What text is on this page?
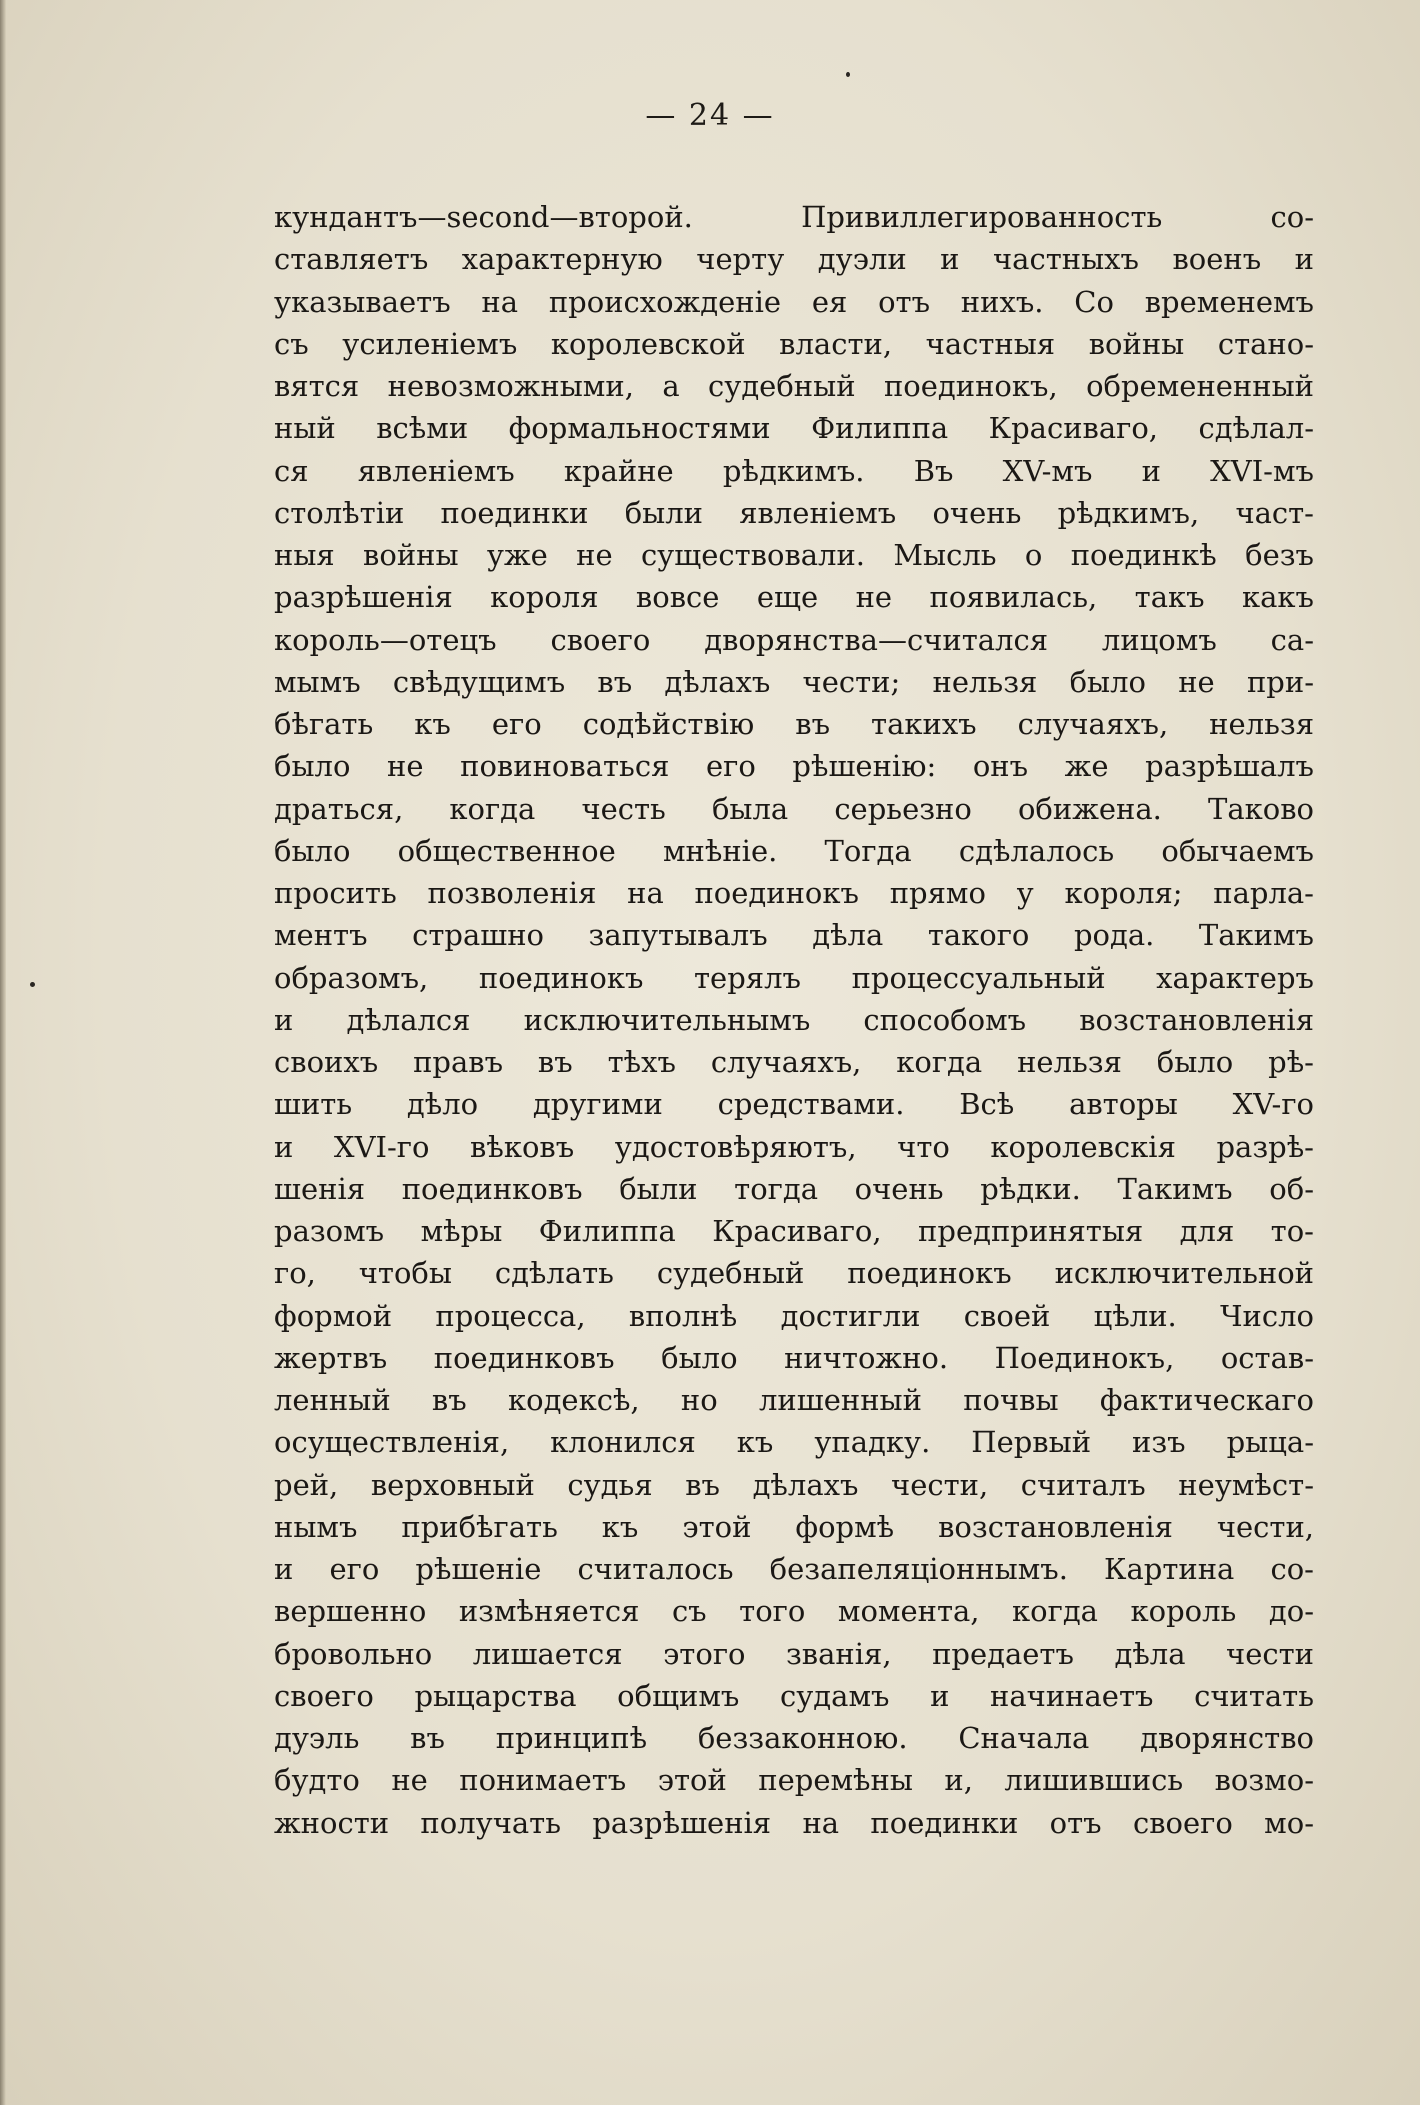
— 24 —
кундантъ—second—второй. Привиллегированность со-
ставляетъ характерную черту дуэли и частныхъ военъ и
указываетъ на происхожденіе ея отъ нихъ. Со временемъ
съ усиленіемъ королевской власти, частныя войны стано-
вятся невозможными, а судебный поединокъ, обремененный
ный всѣми формальностями Филиппа Красиваго, сдѣлал-
ся явленіемъ крайне рѣдкимъ. Въ XV-мъ и XVI-мъ
столѣтіи поединки были явленіемъ очень рѣдкимъ, част-
ныя войны уже не существовали. Мысль о поединкѣ безъ
разрѣшенія короля вовсе еще не появилась, такъ какъ
король—отецъ своего дворянства—считался лицомъ са-
мымъ свѣдущимъ въ дѣлахъ чести; нельзя было не при-
бѣгать къ его содѣйствію въ такихъ случаяхъ, нельзя
было не повиноваться его рѣшенію: онъ же разрѣшалъ
драться, когда честь была серьезно обижена. Таково
было общественное мнѣніе. Тогда сдѣлалось обычаемъ
просить позволенія на поединокъ прямо у короля; парла-
ментъ страшно запутывалъ дѣла такого рода. Такимъ
образомъ, поединокъ терялъ процессуальный характеръ
и дѣлался исключительнымъ способомъ возстановленія
своихъ правъ въ тѣхъ случаяхъ, когда нельзя было рѣ-
шить дѣло другими средствами. Всѣ авторы XV-го
и XVI-го вѣковъ удостовѣряютъ, что королевскія разрѣ-
шенія поединковъ были тогда очень рѣдки. Такимъ об-
разомъ мѣры Филиппа Красиваго, предпринятыя для то-
го, чтобы сдѣлать судебный поединокъ исключительной
формой процесса, вполнѣ достигли своей цѣли. Число
жертвъ поединковъ было ничтожно. Поединокъ, остав-
ленный въ кодексѣ, но лишенный почвы фактическаго
осуществленія, клонился къ упадку. Первый изъ рыца-
рей, верховный судья въ дѣлахъ чести, считалъ неумѣст-
нымъ прибѣгать къ этой формѣ возстановленія чести,
и его рѣшеніе считалось безапеляціоннымъ. Картина со-
вершенно измѣняется съ того момента, когда король до-
бровольно лишается этого званія, предаетъ дѣла чести
своего рыцарства общимъ судамъ и начинаетъ считать
дуэль въ принципѣ беззаконною. Сначала дворянство
будто не понимаетъ этой перемѣны и, лишившись возмо-
жности получать разрѣшенія на поединки отъ своего мо-
